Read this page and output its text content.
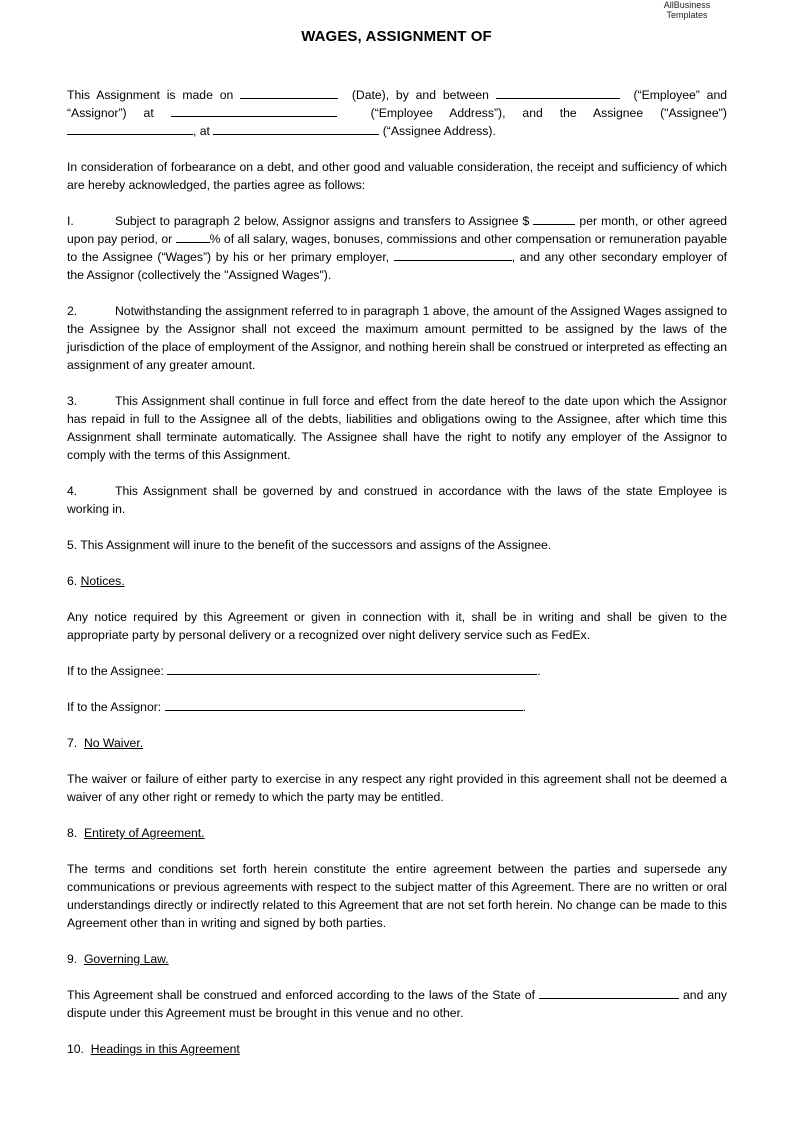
AllBusiness
Templates
WAGES, ASSIGNMENT OF

This Assignment is made on	(Date), by and between	(“Employee” and “Assignor”) at	(“Employee Address”), and the Assignee ("Assignee") , at	(“Assignee Address).

In consideration of forbearance on a debt, and other good and valuable consideration, the receipt and sufficiency of which are hereby acknowledged, the parties agree as follows:

I.	Subject to paragraph 2 below, Assignor assigns and transfers to Assignee $	per month, or other agreed upon pay period, or	% of all salary, wages, bonuses, commissions and other compensation or remuneration payable to the Assignee (“Wages”) by his or her primary employer,	, and any other secondary employer of the Assignor (collectively the "Assigned Wages").

2.	Notwithstanding the assignment referred to in paragraph 1 above, the amount of the Assigned Wages assigned to the Assignee by the Assignor shall not exceed the maximum amount permitted to be assigned by the laws of the jurisdiction of the place of employment of the Assignor, and nothing herein shall be construed or interpreted as effecting an assignment of any greater amount.

3.	This Assignment shall continue in full force and effect from the date hereof to the date upon which the Assignor has repaid in full to the Assignee all of the debts, liabilities and obligations owing to the Assignee, after which time this Assignment shall terminate automatically. The Assignee shall have the right to notify any employer of the Assignor to comply with the terms of this Assignment.

4.	This Assignment shall be governed by and construed in accordance with the laws of the state Employee is working in.

5. This Assignment will inure to the benefit of the successors and assigns of the Assignee.

6. Notices.

Any notice required by this Agreement or given in connection with it, shall be in writing and shall be given to the appropriate party by personal delivery or a recognized over night delivery service such as FedEx.

If to the Assignee:	.

If to the Assignor:	.

7. No Waiver.

The waiver or failure of either party to exercise in any respect any right provided in this agreement shall not be deemed a waiver of any other right or remedy to which the party may be entitled.

8. Entirety of Agreement.

The terms and conditions set forth herein constitute the entire agreement between the parties and supersede any communications or previous agreements with respect to the subject matter of this Agreement. There are no written or oral understandings directly or indirectly related to this Agreement that are not set forth herein. No change can be made to this Agreement other than in writing and signed by both parties.

9. Governing Law.

This Agreement shall be construed and enforced according to the laws of the State of	and any dispute under this Agreement must be brought in this venue and no other.

10. Headings in this Agreement
